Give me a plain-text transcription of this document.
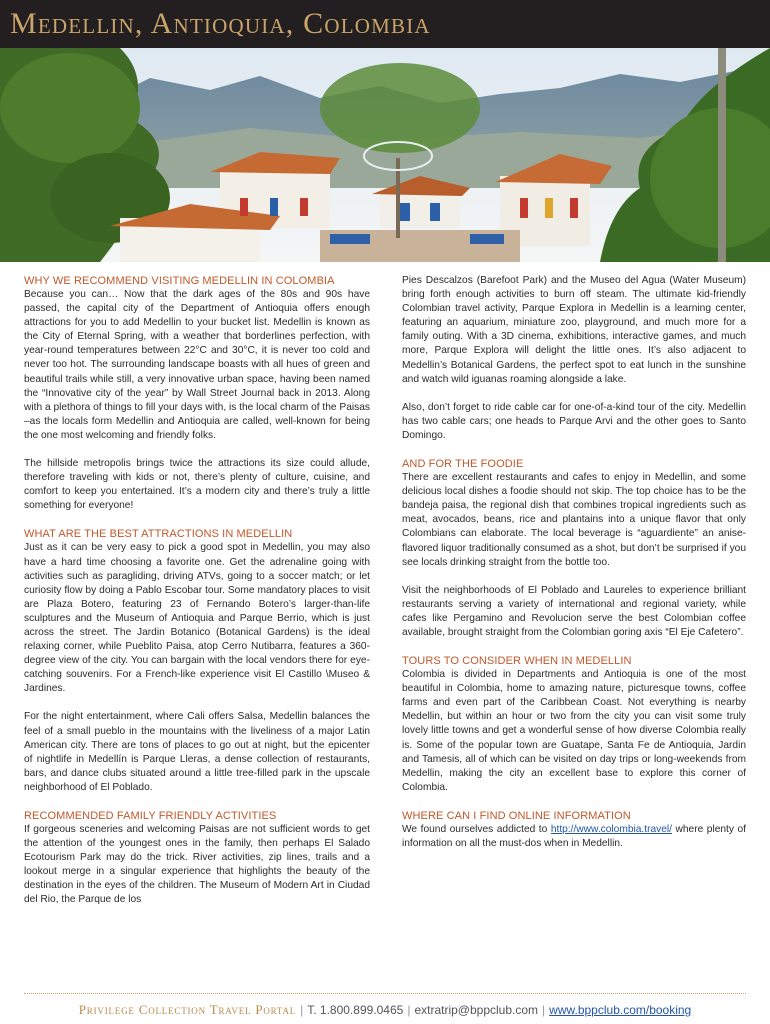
Medellin, Antioquia, Colombia
WHY WE RECOMMEND VISITING MEDELLIN IN COLOMBIA

Because you can… Now that the dark ages of the 80s and 90s have passed, the capital city of the Department of Antioquia offers enough attractions for you to add Medellin to your bucket list. Medellin is known as the City of Eternal Spring, with a weather that borderlines perfection, with year-round temperatures between 22°C and 30°C, it is never too cold and never too hot. The surrounding landscape boasts with all hues of green and beautiful trails while still, a very innovative urban space, having been named the “Innovative city of the year” by Wall Street Journal back in 2013. Along with a plethora of things to fill your days with, is the local charm of the Paisas –as the locals form Medellin and Antioquia are called, well-known for being the one most welcoming and friendly folks.

The hillside metropolis brings twice the attractions its size could allude, therefore traveling with kids or not, there’s plenty of culture, cuisine, and comfort to keep you entertained. It’s a modern city and there’s truly a little something for everyone!

WHAT ARE THE BEST ATTRACTIONS IN MEDELLIN

Just as it can be very easy to pick a good spot in Medellin, you may also have a hard time choosing a favorite one. Get the adrenaline going with activities such as paragliding, driving ATVs, going to a soccer match; or let curiosity flow by doing a Pablo Escobar tour. Some mandatory places to visit are Plaza Botero, featuring 23 of Fernando Botero’s larger-than-life sculptures and the Museum of Antioquia and Parque Berrio, which is just across the street. The Jardin Botanico (Botanical Gardens) is the ideal relaxing corner, while Pueblito Paisa, atop Cerro Nutibarra, features a 360-degree view of the city. You can bargain with the local vendors there for eye-catching souvenirs. For a French-like experience visit El Castillo \Museo & Jardines.

For the night entertainment, where Cali offers Salsa, Medellin balances the feel of a small pueblo in the mountains with the liveliness of a major Latin American city. There are tons of places to go out at night, but the epicenter of nightlife in Medellín is Parque Lleras, a dense collection of restaurants, bars, and dance clubs situated around a little tree-filled park in the upscale neighborhood of El Poblado.

RECOMMENDED FAMILY FRIENDLY ACTIVITIES

If gorgeous sceneries and welcoming Paisas are not sufficient words to get the attention of the youngest ones in the family, then perhaps El Salado Ecotourism Park may do the trick. River activities, zip lines, trails and a lookout merge in a singular experience that highlights the beauty of the destination in the eyes of the children. The Museum of Modern Art in Ciudad del Rio, the Parque de los

Pies Descalzos (Barefoot Park) and the Museo del Agua (Water Museum) bring forth enough activities to burn off steam. The ultimate kid-friendly Colombian travel activity, Parque Explora in Medellin is a learning center, featuring an aquarium, miniature zoo, playground, and much more for a family outing. With a 3D cinema, exhibitions, interactive games, and much more, Parque Explora will delight the little ones. It’s also adjacent to Medellin’s Botanical Gardens, the perfect spot to eat lunch in the sunshine and watch wild iguanas roaming alongside a lake.

Also, don’t forget to ride cable car for one-of-a-kind tour of the city. Medellin has two cable cars; one heads to Parque Arvi and the other goes to Santo Domingo.

AND FOR THE FOODIE

There are excellent restaurants and cafes to enjoy in Medellin, and some delicious local dishes a foodie should not skip. The top choice has to be the bandeja paisa, the regional dish that combines tropical ingredients such as meat, avocados, beans, rice and plantains into a unique flavor that only Colombians can elaborate. The local beverage is “aguardiente” an anise-flavored liquor traditionally consumed as a shot, but don’t be surprised if you see locals drinking straight from the bottle too.

Visit the neighborhoods of El Poblado and Laureles to experience brilliant restaurants serving a variety of international and regional variety, while cafes like Pergamino and Revolucion serve the best Colombian coffee available, brought straight from the Colombian goring axis “El Eje Cafetero”.

TOURS TO CONSIDER WHEN IN MEDELLIN

Colombia is divided in Departments and Antioquia is one of the most beautiful in Colombia, home to amazing nature, picturesque towns, coffee farms and even part of the Caribbean Coast. Not everything is nearby Medellin, but within an hour or two from the city you can visit some truly lovely little towns and get a wonderful sense of how diverse Colombia really is. Some of the popular town are Guatape, Santa Fe de Antioquia, Jardin and Tamesis, all of which can be visited on day trips or long-weekends from Medellin, making the city an excellent base to explore this corner of Colombia.

WHERE CAN I FIND ONLINE INFORMATION

We found ourselves addicted to http://www.colombia.travel/ where plenty of information on all the must-dos when in Medellin.

Privilege Collection Travel Portal | T. 1.800.899.0465 | extratrip@bppclub.com | www.bppclub.com/booking
